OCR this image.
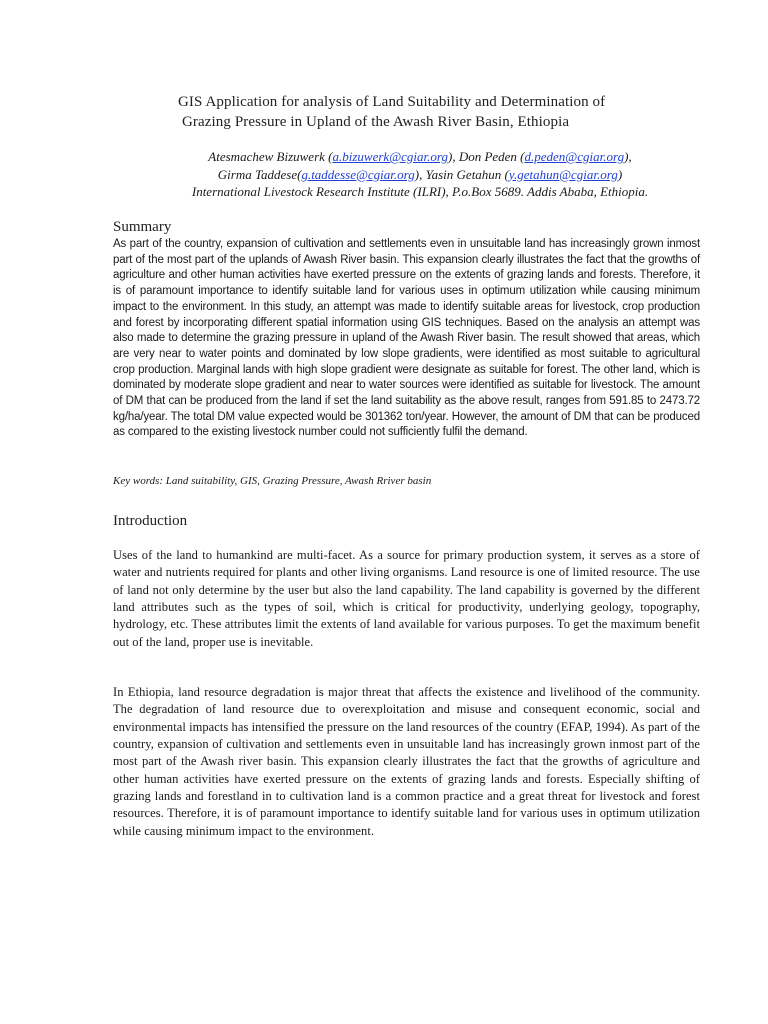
GIS Application for analysis of Land Suitability and Determination of
Grazing Pressure in Upland of the Awash River Basin, Ethiopia
Atesmachew Bizuwerk (a.bizuwerk@cgiar.org), Don Peden (d.peden@cgiar.org),
Girma Taddese(g.taddesse@cgiar.org), Yasin Getahun (y.getahun@cgiar.org)
International Livestock Research Institute (ILRI), P.o.Box 5689. Addis Ababa, Ethiopia.
Summary
As part of the country, expansion of cultivation and settlements even in unsuitable land has increasingly grown inmost part of the most part of the uplands of Awash River basin. This expansion clearly illustrates the fact that the growths of agriculture and other human activities have exerted pressure on the extents of grazing lands and forests. Therefore, it is of paramount importance to identify suitable land for various uses in optimum utilization while causing minimum impact to the environment. In this study, an attempt was made to identify suitable areas for livestock, crop production and forest by incorporating different spatial information using GIS techniques. Based on the analysis an attempt was also made to determine the grazing pressure in upland of the Awash River basin. The result showed that areas, which are very near to water points and dominated by low slope gradients, were identified as most suitable to agricultural crop production. Marginal lands with high slope gradient were designate as suitable for forest. The other land, which is dominated by moderate slope gradient and near to water sources were identified as suitable for livestock. The amount of DM that can be produced from the land if set the land suitability as the above result, ranges from 591.85 to 2473.72 kg/ha/year. The total DM value expected would be 301362 ton/year. However, the amount of DM that can be produced as compared to the existing livestock number could not sufficiently fulfil the demand.
Key words: Land suitability, GIS, Grazing Pressure, Awash Rriver basin
Introduction
Uses of the land to humankind are multi-facet. As a source for primary production system, it serves as a store of water and nutrients required for plants and other living organisms. Land resource is one of limited resource. The use of land not only determine by the user but also the land capability. The land capability is governed by the different land attributes such as the types of soil, which is critical for productivity, underlying geology, topography, hydrology, etc. These attributes limit the extents of land available for various purposes. To get the maximum benefit out of the land, proper use is inevitable.
In Ethiopia, land resource degradation is major threat that affects the existence and livelihood of the community. The degradation of land resource due to overexploitation and misuse and consequent economic, social and environmental impacts has intensified the pressure on the land resources of the country (EFAP, 1994). As part of the country, expansion of cultivation and settlements even in unsuitable land has increasingly grown inmost part of the most part of the Awash river basin. This expansion clearly illustrates the fact that the growths of agriculture and other human activities have exerted pressure on the extents of grazing lands and forests. Especially shifting of grazing lands and forestland in to cultivation land is a common practice and a great threat for livestock and forest resources. Therefore, it is of paramount importance to identify suitable land for various uses in optimum utilization while causing minimum impact to the environment.
